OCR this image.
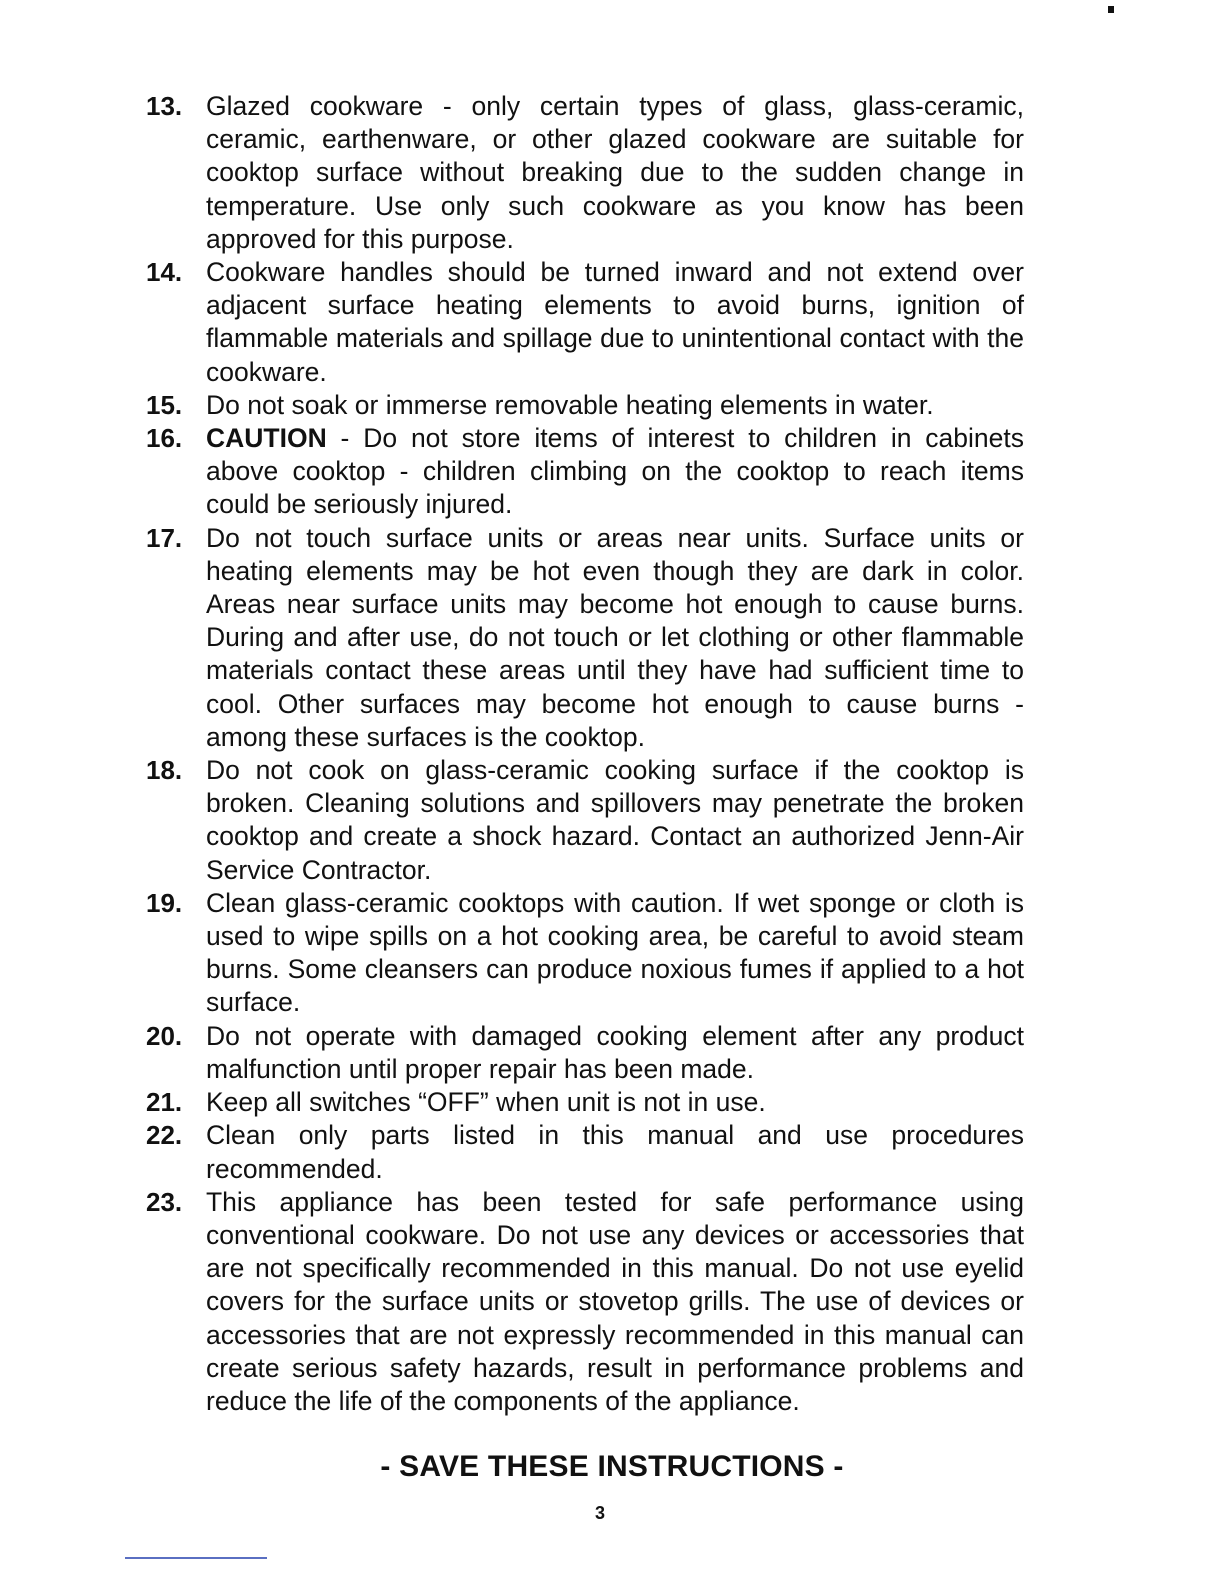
13. Glazed cookware - only certain types of glass, glass-ceramic, ceramic, earthenware, or other glazed cookware are suitable for cooktop surface without breaking due to the sudden change in temperature. Use only such cookware as you know has been approved for this purpose.
14. Cookware handles should be turned inward and not extend over adjacent surface heating elements to avoid burns, ignition of flammable materials and spillage due to unintentional contact with the cookware.
15. Do not soak or immerse removable heating elements in water.
16. CAUTION - Do not store items of interest to children in cabinets above cooktop - children climbing on the cooktop to reach items could be seriously injured.
17. Do not touch surface units or areas near units. Surface units or heating elements may be hot even though they are dark in color. Areas near surface units may become hot enough to cause burns. During and after use, do not touch or let clothing or other flammable materials contact these areas until they have had sufficient time to cool. Other surfaces may become hot enough to cause burns - among these surfaces is the cooktop.
18. Do not cook on glass-ceramic cooking surface if the cooktop is broken. Cleaning solutions and spillovers may penetrate the broken cooktop and create a shock hazard. Contact an authorized Jenn-Air Service Contractor.
19. Clean glass-ceramic cooktops with caution. If wet sponge or cloth is used to wipe spills on a hot cooking area, be careful to avoid steam burns. Some cleansers can produce noxious fumes if applied to a hot surface.
20. Do not operate with damaged cooking element after any product malfunction until proper repair has been made.
21. Keep all switches “OFF” when unit is not in use.
22. Clean only parts listed in this manual and use procedures recommended.
23. This appliance has been tested for safe performance using conventional cookware. Do not use any devices or accessories that are not specifically recommended in this manual. Do not use eyelid covers for the surface units or stovetop grills. The use of devices or accessories that are not expressly recommended in this manual can create serious safety hazards, result in performance problems and reduce the life of the components of the appliance.
- SAVE THESE INSTRUCTIONS -
3
